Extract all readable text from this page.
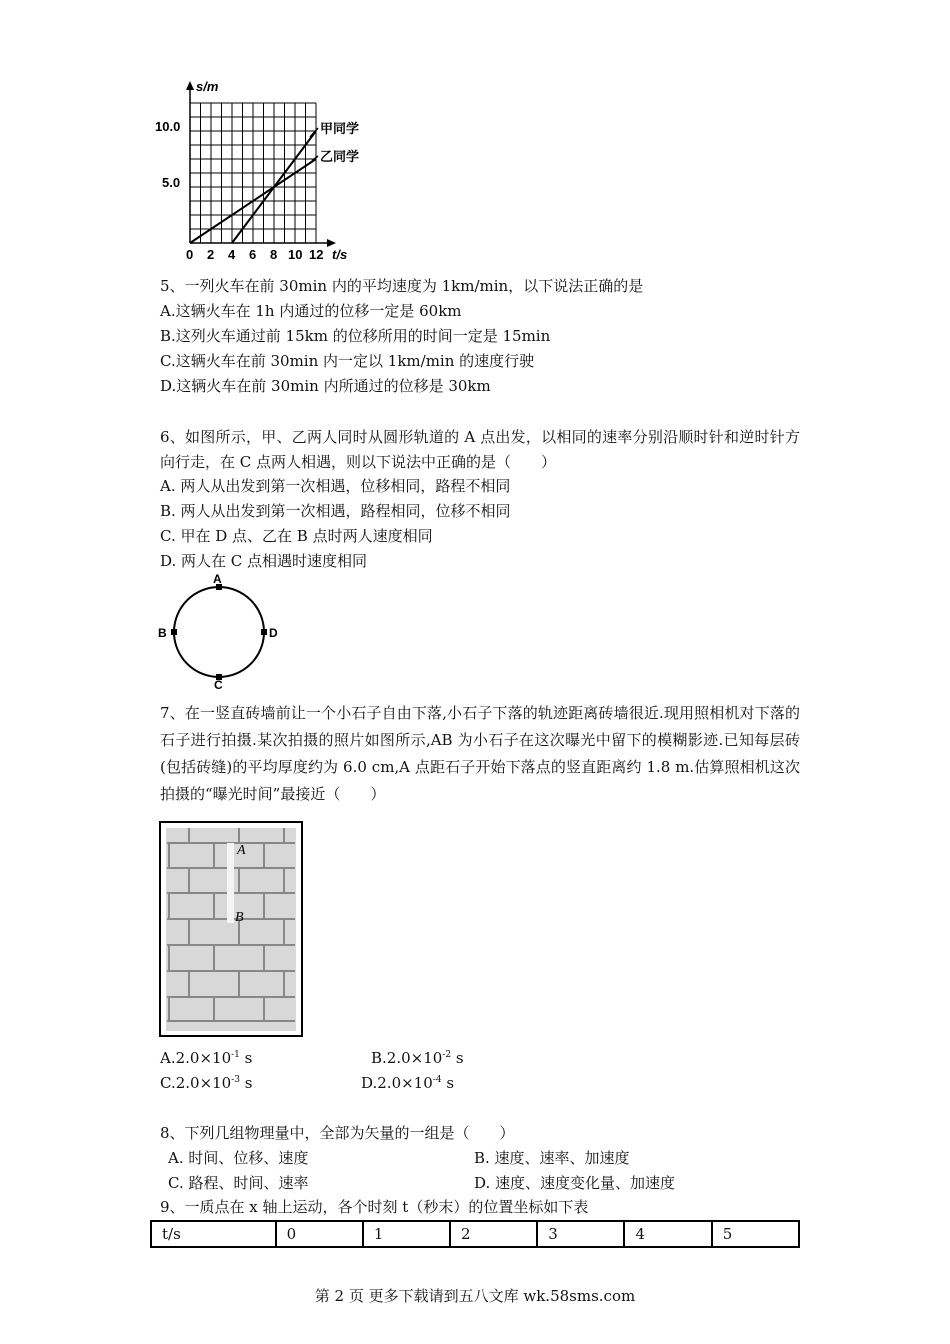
s/m
t/s
10.0
5.0
0 2 4 6 8 10 12
甲同学
乙同学
5、一列火车在前 30min 内的平均速度为 1km/min，以下说法正确的是
A.这辆火车在 1h 内通过的位移一定是 60km
B.这列火车通过前 15km 的位移所用的时间一定是 15min
C.这辆火车在前 30min 内一定以 1km/min 的速度行驶
D.这辆火车在前 30min 内所通过的位移是 30km
6、如图所示，甲、乙两人同时从圆形轨道的 A 点出发，以相同的速率分别沿顺时针和逆时针方向行走，在 C 点两人相遇，则以下说法中正确的是（　　）
A. 两人从出发到第一次相遇，位移相同，路程不相同
B. 两人从出发到第一次相遇，路程相同，位移不相同
C. 甲在 D 点、乙在 B 点时两人速度相同
D. 两人在 C 点相遇时速度相同
A
B	D
C
7、在一竖直砖墙前让一个小石子自由下落,小石子下落的轨迹距离砖墙很近.现用照相机对下落的石子进行拍摄.某次拍摄的照片如图所示,AB 为小石子在这次曝光中留下的模糊影迹.已知每层砖(包括砖缝)的平均厚度约为 6.0 cm,A 点距石子开始下落点的竖直距离约 1.8 m.估算照相机这次拍摄的“曝光时间”最接近（　　）
A
B
$A.2.0\times 10^{-1}$ s	$B.2.0\times 10^{-2}$ s
$C.2.0\times 10^{-3}$ s	$D.2.0\times 10^{-4}$ s
8、下列几组物理量中，全部为矢量的一组是（　　）
A. 时间、位移、速度	B. 速度、速率、加速度
C. 路程、时间、速率	D. 速度、速度变化量、加速度
9、一质点在 x 轴上运动，各个时刻 t（秒末）的位置坐标如下表
t/s	0	1	2	3	4	5
第 2 页 更多下载请到五八文库 wk.58sms.com
